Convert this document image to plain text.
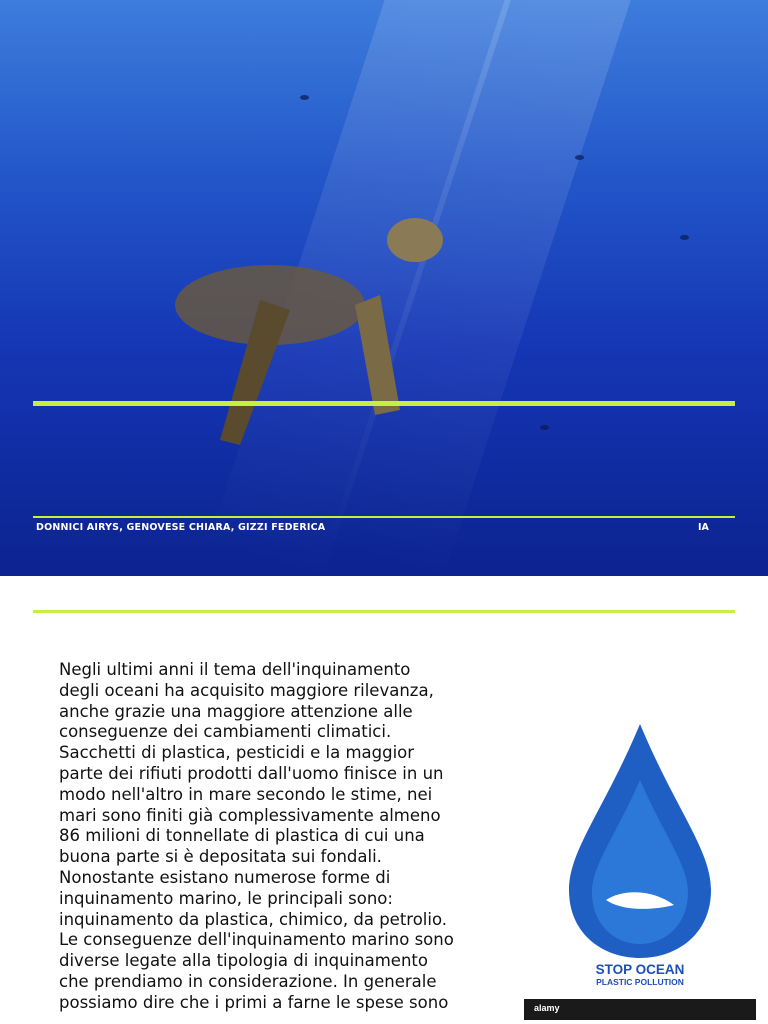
DONNICI AIRYS, GENOVESE CHIARA, GIZZI FEDERICA	IA
Negli ultimi anni il tema dell'inquinamento
degli oceani ha acquisito maggiore rilevanza,
anche grazie una maggiore attenzione alle
conseguenze dei cambiamenti climatici.
Sacchetti di plastica, pesticidi e la maggior
parte dei rifiuti prodotti dall'uomo finisce in un
modo nell'altro in mare secondo le stime, nei
mari sono finiti già complessivamente almeno
86 milioni di tonnellate di plastica di cui una
buona parte si è depositata sui fondali.
Nonostante esistano numerose forme di
inquinamento marino, le principali sono:
inquinamento da plastica, chimico, da petrolio.
Le conseguenze dell'inquinamento marino sono
diverse legate alla tipologia di inquinamento
che prendiamo in considerazione. In generale
possiamo dire che i primi a farne le spese sono
STOP OCEAN
PLASTIC POLLUTION
alamy
